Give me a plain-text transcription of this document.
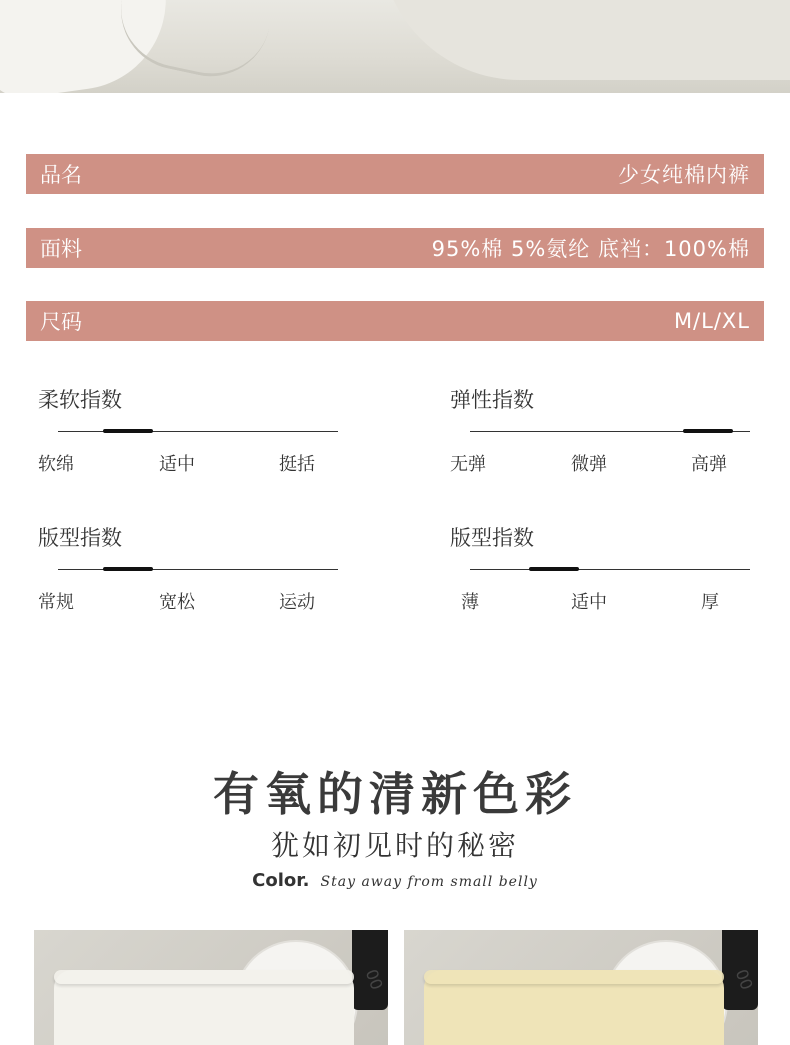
品名	少女纯棉内裤
面料	95%棉 5%氨纶 底裆：100%棉
尺码	M/L/XL
柔软指数
软绵	适中	挺括
弹性指数
无弹	微弹	高弹
版型指数
常规	宽松	运动
版型指数
薄	适中	厚
有氧的清新色彩
犹如初见时的秘密
Color. Stay away from small belly
00	00
